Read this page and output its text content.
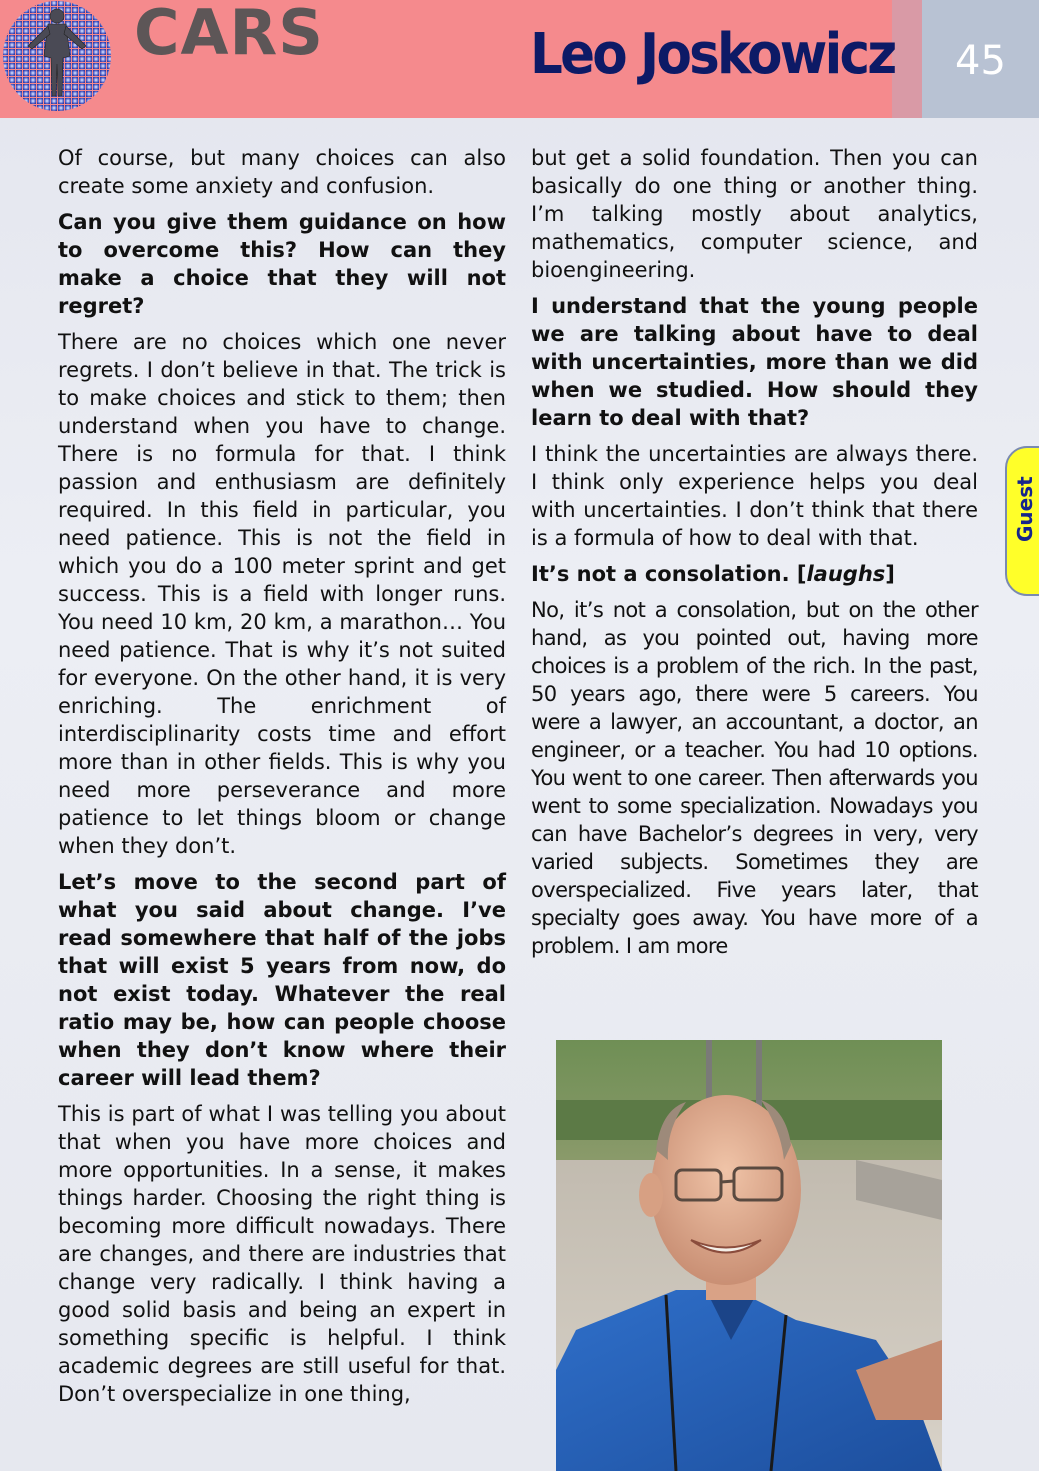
CARS	Leo Joskowicz	45
Guest

Of course, but many choices can also create some anxiety and confusion.

Can you give them guidance on how to overcome this? How can they make a choice that they will not regret?

There are no choices which one never regrets. I don’t believe in that. The trick is to make choices and stick to them; then understand when you have to change. There is no formula for that. I think passion and enthusiasm are definitely required. In this field in particular, you need patience. This is not the field in which you do a 100 meter sprint and get success. This is a field with longer runs. You need 10 km, 20 km, a marathon… You need patience. That is why it’s not suited for everyone. On the other hand, it is very enriching. The enrichment of interdisciplinarity costs time and effort more than in other fields. This is why you need more perseverance and more patience to let things bloom or change when they don’t.

Let’s move to the second part of what you said about change. I’ve read somewhere that half of the jobs that will exist 5 years from now, do not exist today. Whatever the real ratio may be, how can people choose when they don’t know where their career will lead them?

This is part of what I was telling you about that when you have more choices and more opportunities. In a sense, it makes things harder. Choosing the right thing is becoming more difficult nowadays. There are changes, and there are industries that change very radically. I think having a good solid basis and being an expert in something specific is helpful. I think academic degrees are still useful for that. Don’t overspecialize in one thing,

but get a solid foundation. Then you can basically do one thing or another thing. I’m talking mostly about analytics, mathematics, computer science, and bioengineering.

I understand that the young people we are talking about have to deal with uncertainties, more than we did when we studied. How should they learn to deal with that?

I think the uncertainties are always there. I think only experience helps you deal with uncertainties. I don’t think that there is a formula of how to deal with that.

It’s not a consolation. [laughs]

No, it’s not a consolation, but on the other hand, as you pointed out, having more choices is a problem of the rich. In the past, 50 years ago, there were 5 careers. You were a lawyer, an accountant, a doctor, an engineer, or a teacher. You had 10 options. You went to one career. Then afterwards you went to some specialization. Nowadays you can have Bachelor’s degrees in very, very varied subjects. Sometimes they are overspecialized. Five years later, that specialty goes away. You have more of a problem. I am more
